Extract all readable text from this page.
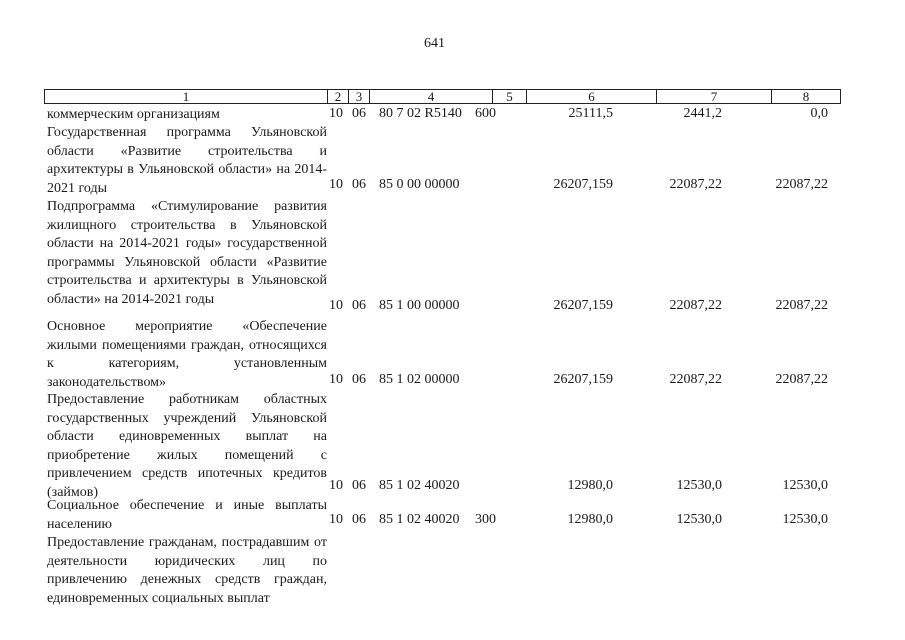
641
1	2	3	4	5	6	7	8
коммерческим организациям	10 06 80 7 02 R5140 600	25111,5	2441,2	0,0
Государственная программа Ульяновской области «Развитие строительства и архитектуры в Ульяновской области» на 2014-2021 годы	10 06 85 0 00 00000	26207,159	22087,22	22087,22
Подпрограмма «Стимулирование развития жилищного строительства в Ульяновской области на 2014-2021 годы» государственной программы Ульяновской области «Развитие строительства и архитектуры в Ульяновской области» на 2014-2021 годы	10 06 85 1 00 00000	26207,159	22087,22	22087,22
Основное мероприятие «Обеспечение жилыми помещениями граждан, относящихся к категориям, установленным законодательством»	10 06 85 1 02 00000	26207,159	22087,22	22087,22
Предоставление работникам областных государственных учреждений Ульяновской области единовременных выплат на приобретение жилых помещений с привлечением средств ипотечных кредитов (займов)	10 06 85 1 02 40020	12980,0	12530,0	12530,0
Социальное обеспечение и иные выплаты населению	10 06 85 1 02 40020 300	12980,0	12530,0	12530,0
Предоставление гражданам, пострадавшим от деятельности юридических лиц по привлечению денежных средств граждан, единовременных социальных выплат
